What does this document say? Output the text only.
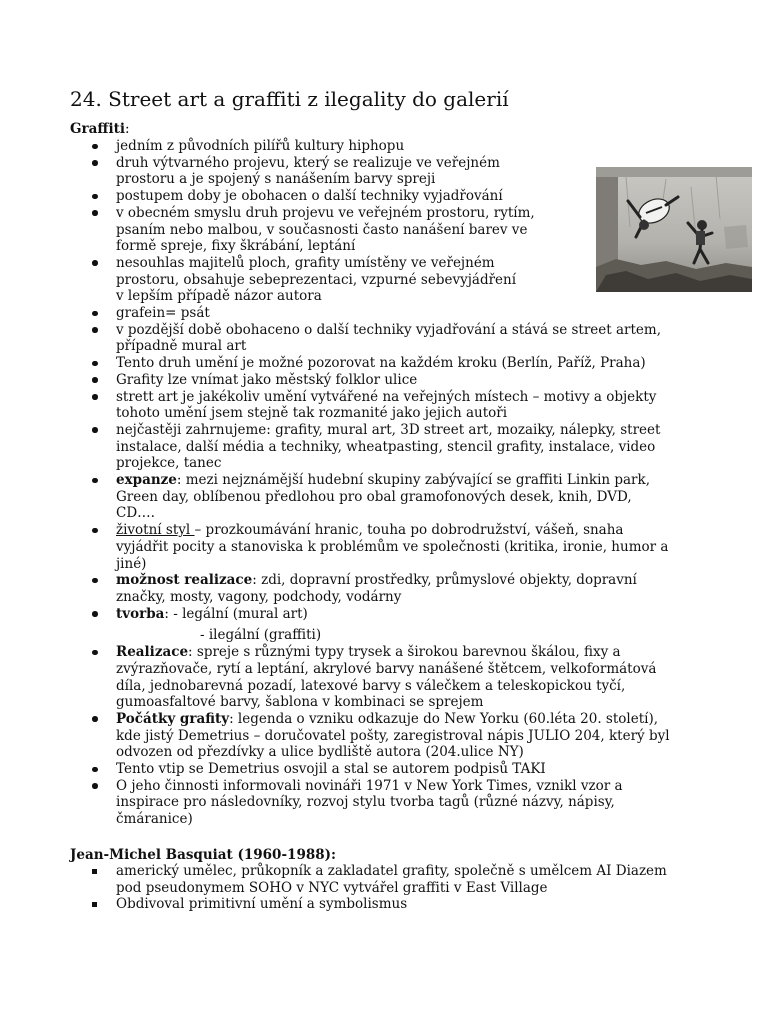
24. Street art a graffiti z ilegality do galerií

Graffiti:

jedním z původních pilířů kultury hiphopu
druh výtvarného projevu, který se realizuje ve veřejném
prostoru a je spojený s nanášením barvy spreji
postupem doby je obohacen o další techniky vyjadřování
v obecném smyslu druh projevu ve veřejném prostoru, rytím,
psaním nebo malbou, v současnosti často nanášení barev ve
formě spreje, fixy škrábání, leptání
nesouhlas majitelů ploch, grafity umístěny ve veřejném
prostoru, obsahuje sebeprezentaci, vzpurné sebevyjádření
v lepším případě názor autora
grafein= psát
v pozdější době obohaceno o další techniky vyjadřování a stává se street artem,
případně mural art
Tento druh umění je možné pozorovat na každém kroku (Berlín, Paříž, Praha)
Grafity lze vnímat jako městský folklor ulice
strett art je jakékoliv umění vytvářené na veřejných místech – motivy a objekty
tohoto umění jsem stejně tak rozmanité jako jejich autoři
nejčastěji zahrnujeme: grafity, mural art, 3D street art, mozaiky, nálepky, street
instalace, další média a techniky, wheatpasting, stencil grafity, instalace, video
projekce, tanec
expanze: mezi nejznámější hudební skupiny zabývající se graffiti Linkin park,
Green day, oblíbenou předlohou pro obal gramofonových desek, knih, DVD,
CD….
životní styl – prozkoumávání hranic, touha po dobrodružství, vášeň, snaha
vyjádřit pocity a stanoviska k problémům ve společnosti (kritika, ironie, humor a
jiné)
možnost realizace: zdi, dopravní prostředky, průmyslové objekty, dopravní
značky, mosty, vagony, podchody, vodárny
tvorba: - legální (mural art)
- ilegální (graffiti)
Realizace: spreje s různými typy trysek a širokou barevnou škálou, fixy a
zvýrazňovače, rytí a leptání, akrylové barvy nanášené štětcem, velkoformátová
díla, jednobarevná pozadí, latexové barvy s válečkem a teleskopickou tyčí,
gumoasfaltové barvy, šablona v kombinaci se sprejem
Počátky grafity: legenda o vzniku odkazuje do New Yorku (60.léta 20. století),
kde jistý Demetrius – doručovatel pošty, zaregistroval nápis JULIO 204, který byl
odvozen od přezdívky a ulice bydliště autora (204.ulice NY)
Tento vtip se Demetrius osvojil a stal se autorem podpisů TAKI
O jeho činnosti informovali novináři 1971 v New York Times, vznikl vzor a
inspirace pro následovníky, rozvoj stylu tvorba tagů (různé názvy, nápisy,
čmáranice)

Jean-Michel Basquiat (1960-1988):

americký umělec, průkopník a zakladatel grafity, společně s umělcem AI Diazem
pod pseudonymem SOHO v NYC vytvářel graffiti v East Village
Obdivoval primitivní umění a symbolismus
